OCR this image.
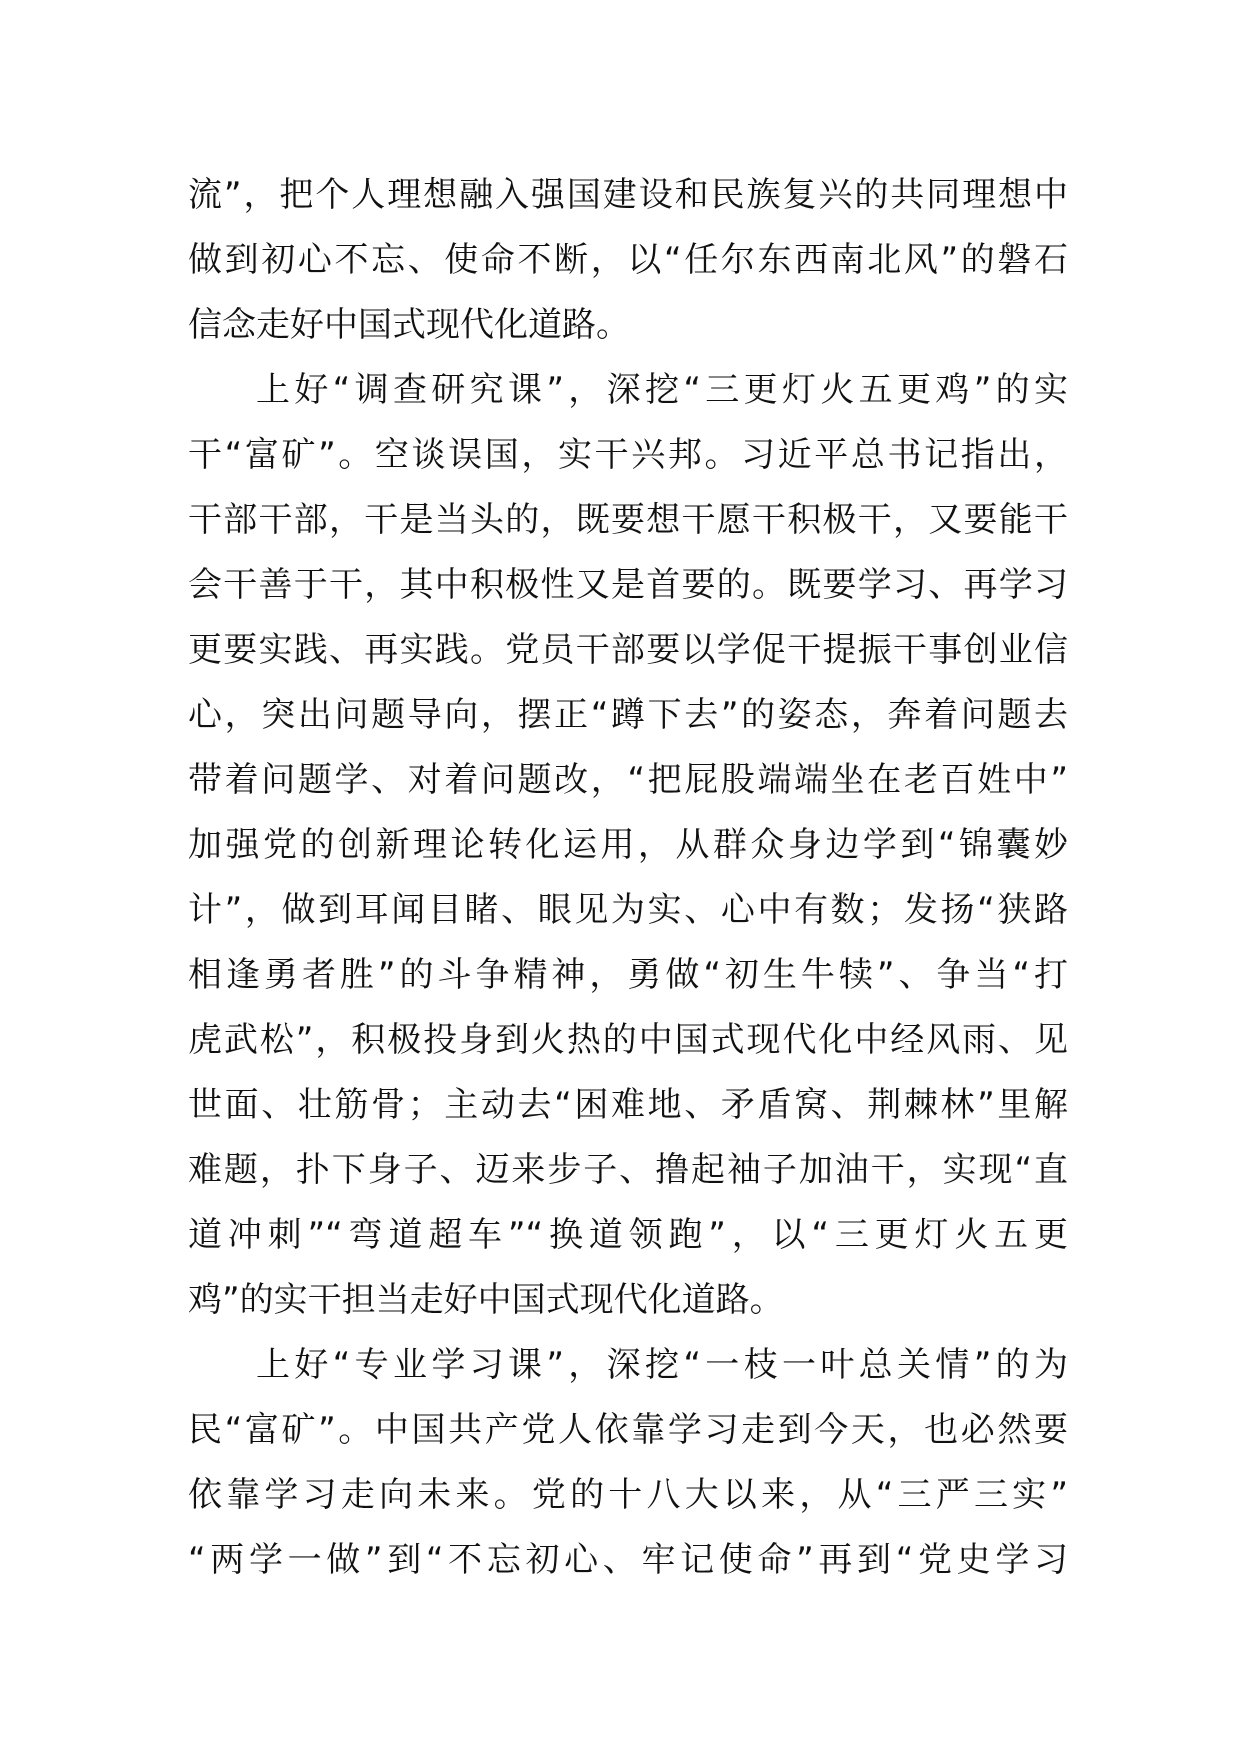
流”，把个人理想融入强国建设和民族复兴的共同理想中
做到初心不忘、使命不断，以“任尔东西南北风”的磐石
信念走好中国式现代化道路。
上好“调查研究课”，深挖“三更灯火五更鸡”的实
干“富矿”。空谈误国，实干兴邦。习近平总书记指出，
干部干部，干是当头的，既要想干愿干积极干，又要能干
会干善于干，其中积极性又是首要的。既要学习、再学习
更要实践、再实践。党员干部要以学促干提振干事创业信
心，突出问题导向，摆正“蹲下去”的姿态，奔着问题去
带着问题学、对着问题改，“把屁股端端坐在老百姓中”
加强党的创新理论转化运用，从群众身边学到“锦囊妙
计”，做到耳闻目睹、眼见为实、心中有数；发扬“狭路
相逢勇者胜”的斗争精神，勇做“初生牛犊”、争当“打
虎武松”，积极投身到火热的中国式现代化中经风雨、见
世面、壮筋骨；主动去“困难地、矛盾窝、荆棘林”里解
难题，扑下身子、迈来步子、撸起袖子加油干，实现“直
道冲刺”“弯道超车”“换道领跑”，以“三更灯火五更
鸡”的实干担当走好中国式现代化道路。
上好“专业学习课”，深挖“一枝一叶总关情”的为
民“富矿”。中国共产党人依靠学习走到今天，也必然要
依靠学习走向未来。党的十八大以来，从“三严三实”
“两学一做”到“不忘初心、牢记使命”再到“党史学习
